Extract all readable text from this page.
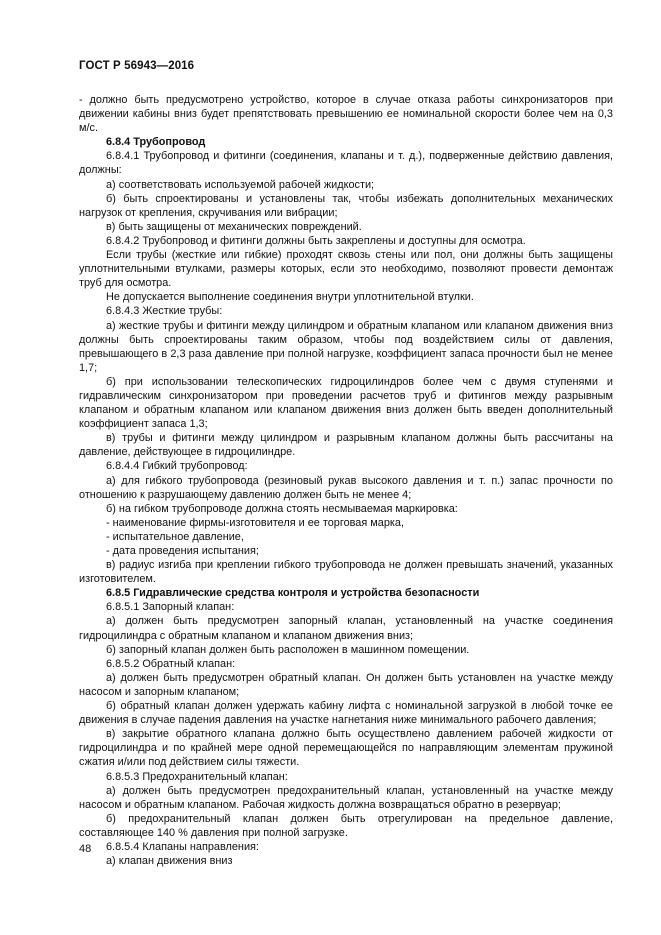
ГОСТ Р 56943—2016

- должно быть предусмотрено устройство, которое в случае отказа работы синхронизаторов при движении кабины вниз будет препятствовать превышению ее номинальной скорости более чем на 0,3 м/с.

6.8.4 Трубопровод

6.8.4.1 Трубопровод и фитинги (соединения, клапаны и т. д.), подверженные действию давления, должны:

а) соответствовать используемой рабочей жидкости;

б) быть спроектированы и установлены так, чтобы избежать дополнительных механических нагрузок от крепления, скручивания или вибрации;

в) быть защищены от механических повреждений.

6.8.4.2 Трубопровод и фитинги должны быть закреплены и доступны для осмотра.

Если трубы (жесткие или гибкие) проходят сквозь стены или пол, они должны быть защищены уплотнительными втулками, размеры которых, если это необходимо, позволяют провести демонтаж труб для осмотра.

Не допускается выполнение соединения внутри уплотнительной втулки.

6.8.4.3 Жесткие трубы:

а) жесткие трубы и фитинги между цилиндром и обратным клапаном или клапаном движения вниз должны быть спроектированы таким образом, чтобы под воздействием силы от давления, превышающего в 2,3 раза давление при полной нагрузке, коэффициент запаса прочности был не менее 1,7;

б) при использовании телескопических гидроцилиндров более чем с двумя ступенями и гидравлическим синхронизатором при проведении расчетов труб и фитингов между разрывным клапаном и обратным клапаном или клапаном движения вниз должен быть введен дополнительный коэффициент запаса 1,3;

в) трубы и фитинги между цилиндром и разрывным клапаном должны быть рассчитаны на давление, действующее в гидроцилиндре.

6.8.4.4 Гибкий трубопровод:

а) для гибкого трубопровода (резиновый рукав высокого давления и т. п.) запас прочности по отношению к разрушающему давлению должен быть не менее 4;

б) на гибком трубопроводе должна стоять несмываемая маркировка:

- наименование фирмы-изготовителя и ее торговая марка,

- испытательное давление,

- дата проведения испытания;

в) радиус изгиба при креплении гибкого трубопровода не должен превышать значений, указанных изготовителем.

6.8.5 Гидравлические средства контроля и устройства безопасности

6.8.5.1 Запорный клапан:

а) должен быть предусмотрен запорный клапан, установленный на участке соединения гидроцилиндра с обратным клапаном и клапаном движения вниз;

б) запорный клапан должен быть расположен в машинном помещении.

6.8.5.2 Обратный клапан:

а) должен быть предусмотрен обратный клапан. Он должен быть установлен на участке между насосом и запорным клапаном;

б) обратный клапан должен удержать кабину лифта с номинальной загрузкой в любой точке ее движения в случае падения давления на участке нагнетания ниже минимального рабочего давления;

в) закрытие обратного клапана должно быть осуществлено давлением рабочей жидкости от гидроцилиндра и по крайней мере одной перемещающейся по направляющим элементам пружиной сжатия и/или под действием силы тяжести.

6.8.5.3 Предохранительный клапан:

а) должен быть предусмотрен предохранительный клапан, установленный на участке между насосом и обратным клапаном. Рабочая жидкость должна возвращаться обратно в резервуар;

б) предохранительный клапан должен быть отрегулирован на предельное давление, составляющее 140 % давления при полной загрузке.

6.8.5.4 Клапаны направления:

а) клапан движения вниз

48
